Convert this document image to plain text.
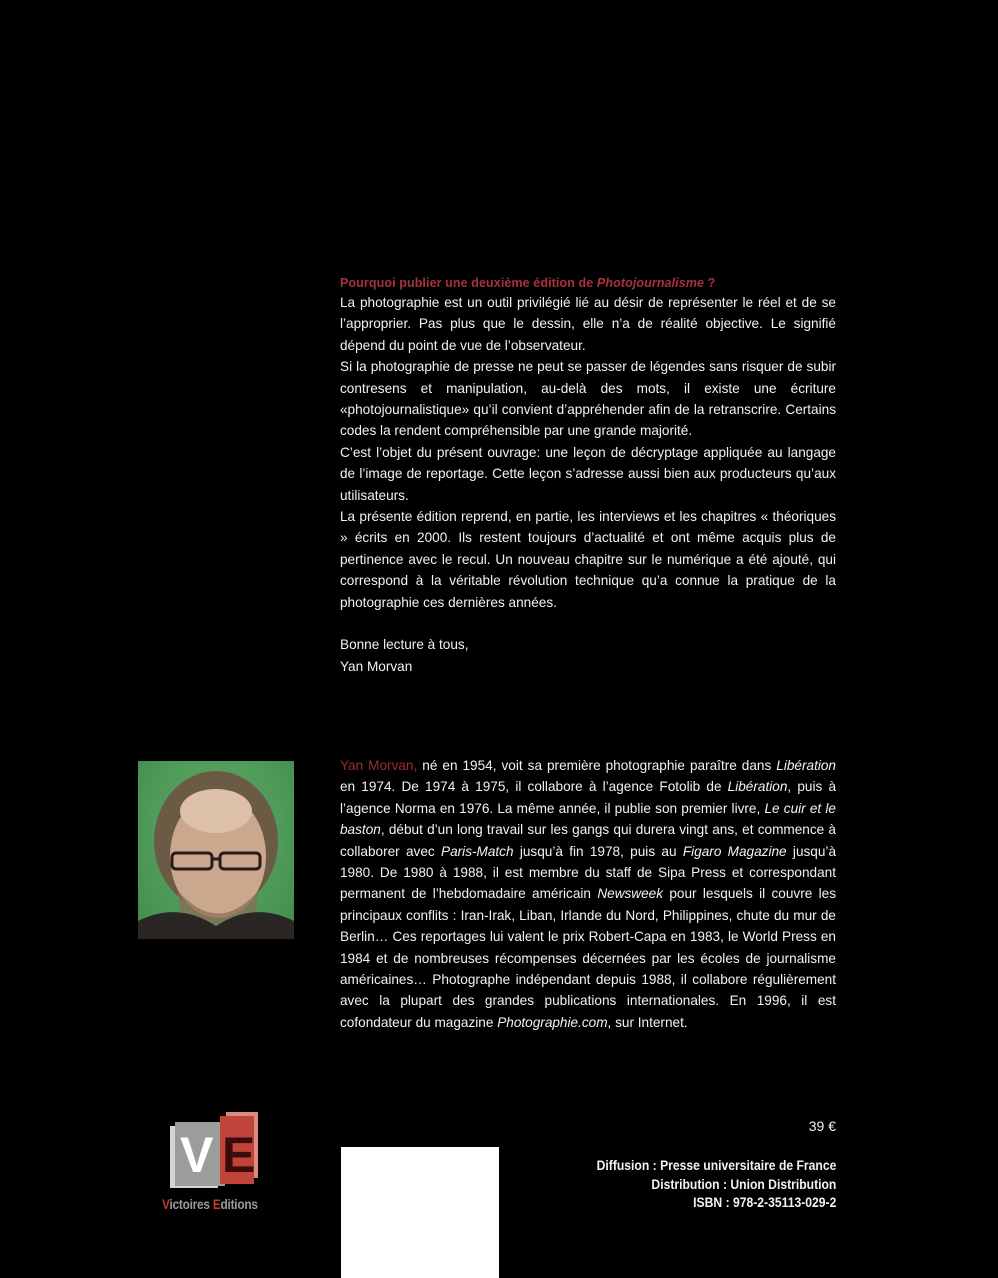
Pourquoi publier une deuxième édition de Photojournalisme ?

La photographie est un outil privilégié lié au désir de représenter le réel et de se l’approprier. Pas plus que le dessin, elle n’a de réalité objective. Le signifié dépend du point de vue de l’observateur.

Si la photographie de presse ne peut se passer de légendes sans risquer de subir contresens et manipulation, au-delà des mots, il existe une écriture «photojournalistique» qu’il convient d’appréhender afin de la retranscrire. Certains codes la rendent compréhensible par une grande majorité.

C’est l’objet du présent ouvrage: une leçon de décryptage appliquée au langage de l’image de reportage. Cette leçon s’adresse aussi bien aux producteurs qu’aux utilisateurs.

La présente édition reprend, en partie, les interviews et les chapitres « théoriques » écrits en 2000. Ils restent toujours d’actualité et ont même acquis plus de pertinence avec le recul. Un nouveau chapitre sur le numérique a été ajouté, qui correspond à la véritable révolution technique qu’a connue la pratique de la photographie ces dernières années.

Bonne lecture à tous,

Yan Morvan

Yan Morvan, né en 1954, voit sa première photographie paraître dans Libération en 1974. De 1974 à 1975, il collabore à l’agence Fotolib de Libération, puis à l’agence Norma en 1976. La même année, il publie son premier livre, Le cuir et le baston, début d’un long travail sur les gangs qui durera vingt ans, et commence à collaborer avec Paris-Match jusqu’à fin 1978, puis au Figaro Magazine jusqu’à 1980. De 1980 à 1988, il est membre du staff de Sipa Press et correspondant permanent de l’hebdomadaire américain Newsweek pour lesquels il couvre les principaux conflits : Iran-Irak, Liban, Irlande du Nord, Philippines, chute du mur de Berlin… Ces reportages lui valent le prix Robert-Capa en 1983, le World Press en 1984 et de nombreuses récompenses décernées par les écoles de journalisme américaines… Photographe indépendant depuis 1988, il collabore régulièrement avec la plupart des grandes publications internationales. En 1996, il est cofondateur du magazine Photographie.com, sur Internet.
V E
Victoires Editions
39 €
Diffusion : Presse universitaire de France
Distribution : Union Distribution
ISBN : 978-2-35113-029-2
